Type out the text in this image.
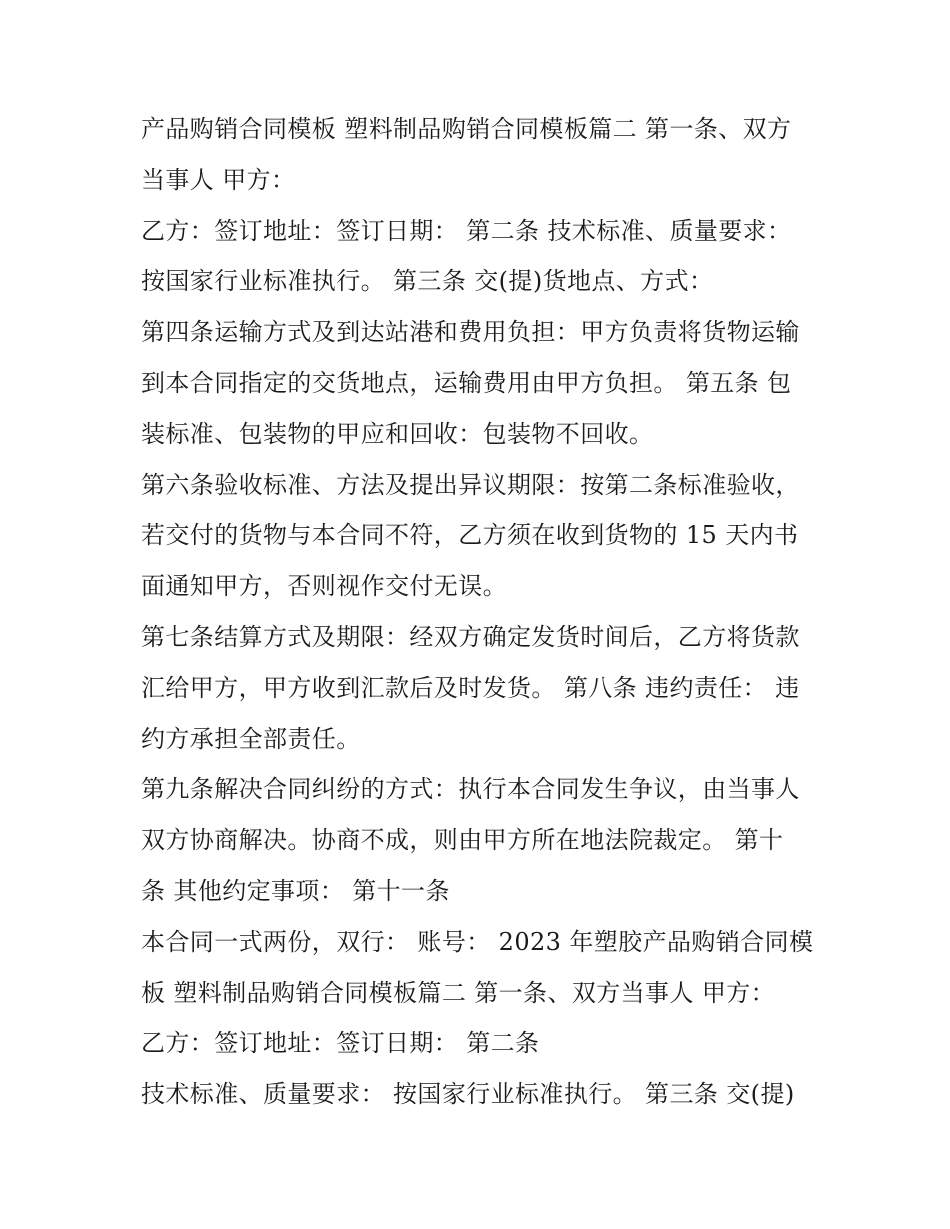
产品购销合同模板 塑料制品购销合同模板篇二 第一条、双方
当事人 甲方：
乙方：签订地址：签订日期： 第二条 技术标准、质量要求：
按国家行业标准执行。 第三条 交(提)货地点、方式：
第四条运输方式及到达站港和费用负担：甲方负责将货物运输
到本合同指定的交货地点，运输费用由甲方负担。 第五条 包
装标准、包装物的甲应和回收：包装物不回收。
第六条验收标准、方法及提出异议期限：按第二条标准验收，
若交付的货物与本合同不符，乙方须在收到货物的 15 天内书
面通知甲方，否则视作交付无误。
第七条结算方式及期限：经双方确定发货时间后，乙方将货款
汇给甲方，甲方收到汇款后及时发货。 第八条 违约责任： 违
约方承担全部责任。
第九条解决合同纠纷的方式：执行本合同发生争议，由当事人
双方协商解决。协商不成，则由甲方所在地法院裁定。 第十
条 其他约定事项： 第十一条
本合同一式两份，双行： 账号： 2023 年塑胶产品购销合同模
板 塑料制品购销合同模板篇二 第一条、双方当事人 甲方：
乙方：签订地址：签订日期： 第二条
技术标准、质量要求： 按国家行业标准执行。 第三条 交(提)
